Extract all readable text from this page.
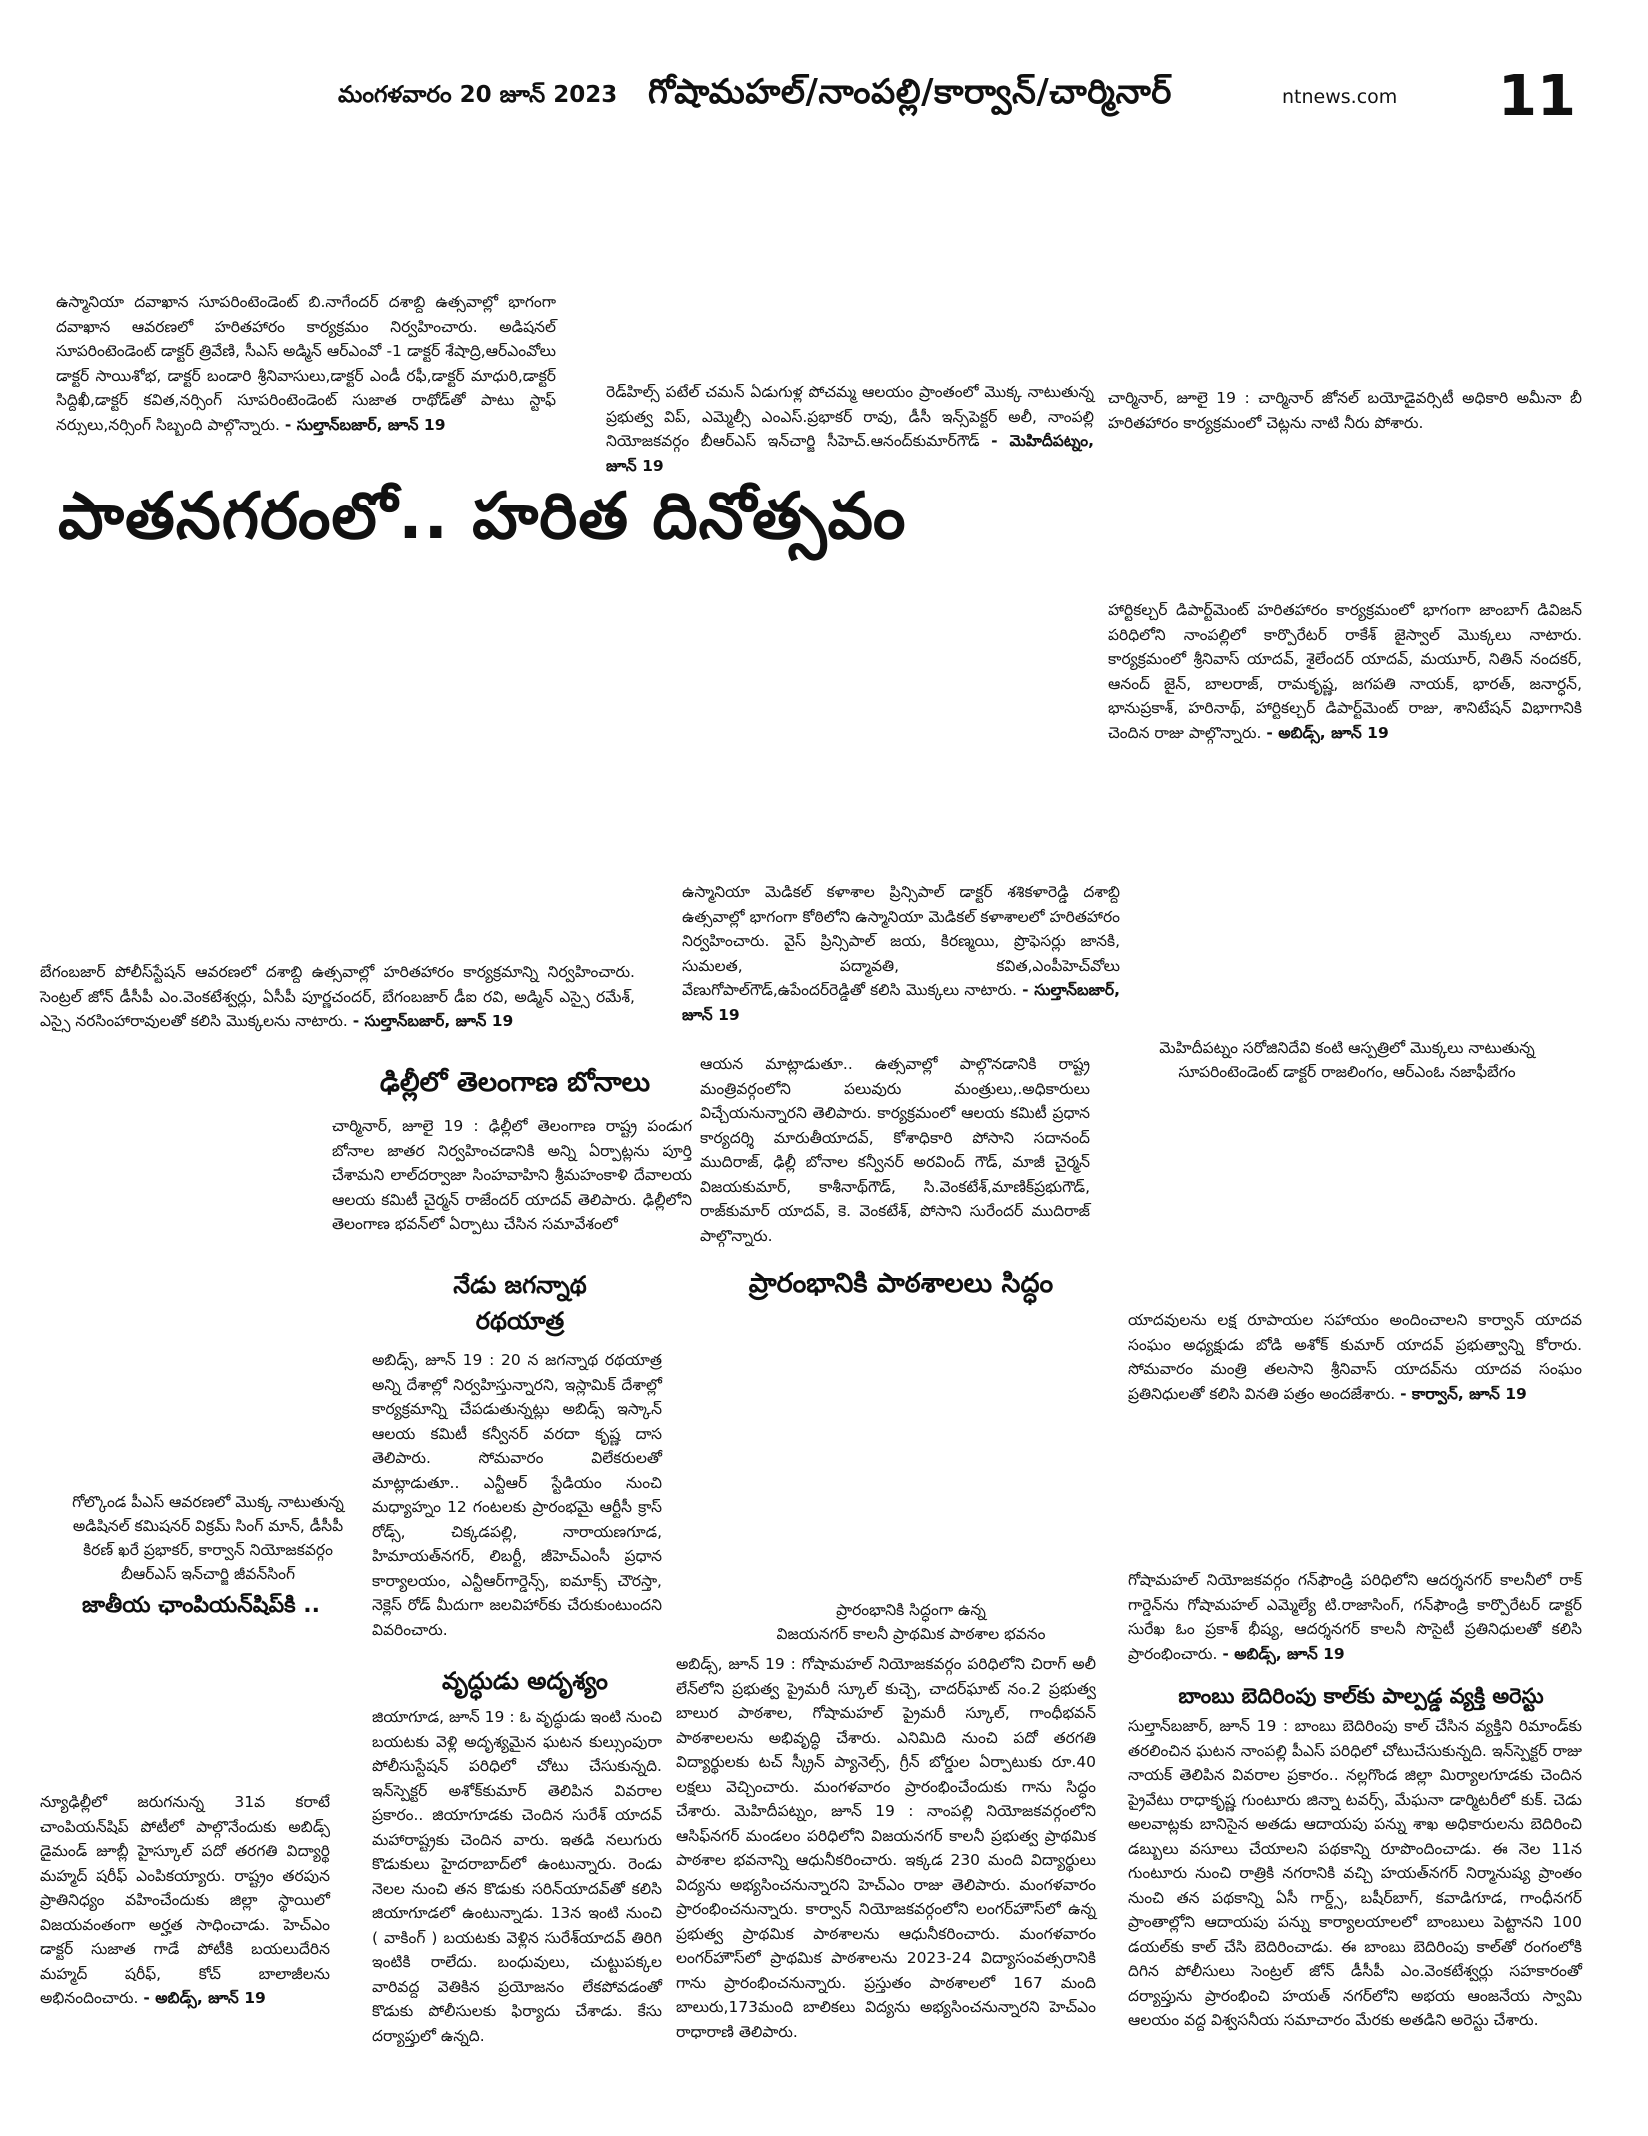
మంగళవారం 20 జూన్ 2023 గోషామహల్/నాంపల్లి/కార్వాన్/చార్మినార్	ntnews.com 11
ఉస్మానియా దవాఖాన సూపరింటెండెంట్ బి.నాగేందర్ దశాబ్ది ఉత్సవాల్లో భాగంగా దవాఖాన ఆవరణలో హరితహారం కార్యక్రమం నిర్వహించారు. అడిషనల్ సూపరింటెండెంట్ డాక్టర్ త్రివేణి, సీఎస్ అడ్మిన్ ఆర్ఎంవో -1 డాక్టర్ శేషాద్రి,ఆర్ఎంవోలు డాక్టర్ సాయిశోభ, డాక్టర్ బండారి శ్రీనివాసులు,డాక్టర్ ఎండీ రఫీ,డాక్టర్ మాధురి,డాక్టర్ సిద్దిఖీ,డాక్టర్ కవిత,నర్సింగ్ సూపరింటెండెంట్ సుజాత రాథోడ్‌తో పాటు స్టాఫ్ నర్సులు,నర్సింగ్ సిబ్బంది పాల్గొన్నారు. - సుల్తాన్‌బజార్, జూన్ 19
రెడ్‌హిల్స్ పటేల్ చమన్ ఏడుగుళ్ల పోచమ్మ ఆలయం ప్రాంతంలో మొక్క నాటుతున్న ప్రభుత్వ విప్, ఎమ్మెల్సీ ఎంఎస్.ప్రభాకర్ రావు, డీసీ ఇన్స్‌పెక్టర్ అలీ, నాంపల్లి నియోజకవర్గం బీఆర్ఎస్ ఇన్‌చార్జి సీహెచ్.ఆనంద్‌కుమార్‌గౌడ్ - మెహిదీపట్నం, జూన్ 19
చార్మినార్, జూలై 19 : చార్మినార్ జోనల్ బయోడైవర్సిటీ అధికారి అమీనా బీ హరితహారం కార్యక్రమంలో చెట్లను నాటి నీరు పోశారు.
పాతనగరంలో.. హరిత దినోత్సవం
హార్టికల్చర్ డిపార్ట్‌మెంట్ హరితహారం కార్యక్రమంలో భాగంగా జాంబాగ్ డివిజన్ పరిధిలోని నాంపల్లిలో కార్పొరేటర్ రాకేశ్ జైస్వాల్ మొక్కలు నాటారు. కార్యక్రమంలో శ్రీనివాస్ యాదవ్, శైలేందర్ యాదవ్, మయూర్, నితిన్ నందకర్, ఆనంద్ జైన్, బాలరాజ్, రామకృష్ణ, జగపతి నాయక్, భారత్, జనార్ధన్, భానుప్రకాశ్, హరినాథ్, హార్టికల్చర్ డిపార్ట్‌మెంట్ రాజు, శానిటేషన్ విభాగానికి చెందిన రాజు పాల్గొన్నారు. - అబిడ్స్, జూన్ 19
ఉస్మానియా మెడికల్ కళాశాల ప్రిన్సిపాల్ డాక్టర్ శశికళారెడ్డి దశాబ్ది ఉత్సవాల్లో భాగంగా కోఠిలోని ఉస్మానియా మెడికల్ కళాశాలలో హరితహారం నిర్వహించారు. వైస్ ప్రిన్సిపాల్ జయ, కిరణ్మయి, ప్రొఫెసర్లు జానకి, సుమలత, పద్మావతి, కవిత,ఎంపీహెచ్‌వోలు వేణుగోపాల్‌గౌడ్,ఉపేందర్‌రెడ్డితో కలిసి మొక్కలు నాటారు. - సుల్తాన్‌బజార్, జూన్ 19
బేగంబజార్ పోలీస్‌స్టేషన్ ఆవరణలో దశాబ్ది ఉత్సవాల్లో హరితహారం కార్యక్రమాన్ని నిర్వహించారు. సెంట్రల్ జోన్ డీసీపీ ఎం.వెంకటేశ్వర్లు, ఏసీపీ పూర్ణచందర్, బేగంబజార్ డీఐ రవి, అడ్మిన్ ఎస్సై రమేశ్, ఎస్సై నరసింహారావులతో కలిసి మొక్కలను నాటారు. - సుల్తాన్‌బజార్, జూన్ 19
మెహిదీపట్నం సరోజినిదేవి కంటి ఆస్పత్రిలో మొక్కలు నాటుతున్న సూపరింటెండెంట్ డాక్టర్ రాజలింగం, ఆర్ఎంఓ నజాఫీబేగం
ఢిల్లీలో తెలంగాణ బోనాలు
చార్మినార్, జూలై 19 : ఢిల్లీలో తెలంగాణ రాష్ట్ర పండుగ బోనాల జాతర నిర్వహించడానికి అన్ని ఏర్పాట్లను పూర్తి చేశామని లాల్‌దర్వాజా సింహవాహిని శ్రీమహంకాళి దేవాలయ ఆలయ కమిటీ చైర్మన్ రాజేందర్ యాదవ్ తెలిపారు. ఢిల్లీలోని తెలంగాణ భవన్‌లో ఏర్పాటు చేసిన సమావేశంలో
ఆయన మాట్లాడుతూ.. ఉత్సవాల్లో పాల్గొనడానికి రాష్ట్ర మంత్రివర్గంలోని పలువురు మంత్రులు,.అధికారులు విచ్చేయనున్నారని తెలిపారు. కార్యక్రమంలో ఆలయ కమిటీ ప్రధాన కార్యదర్శి మారుతీయాదవ్, కోశాధికారి పోసాని సదానంద్ ముదిరాజ్, ఢిల్లీ బోనాల కన్వీనర్ అరవింద్ గౌడ్, మాజీ చైర్మన్ విజయకుమార్, కాశీనాథ్‌గౌడ్, సి.వెంకటేశ్,మాణిక్‌ప్రభుగౌడ్, రాజ్‌కుమార్ యాదవ్, కె. వెంకటేశ్, పోసాని సురేందర్ ముదిరాజ్ పాల్గొన్నారు.
నేడు జగన్నాథ
రథయాత్ర
అబిడ్స్, జూన్ 19 : 20 న జగన్నాథ రథయాత్ర అన్ని దేశాల్లో నిర్వహిస్తున్నారని, ఇస్లామిక్ దేశాల్లో కార్యక్రమాన్ని చేపడుతున్నట్లు అబిడ్స్ ఇస్కాన్ ఆలయ కమిటీ కన్వీనర్ వరదా కృష్ణ దాస తెలిపారు. సోమవారం విలేకరులతో మాట్లాడుతూ.. ఎన్టీఆర్ స్టేడియం నుంచి మధ్యాహ్నం 12 గంటలకు ప్రారంభమై ఆర్టీసీ క్రాస్ రోడ్స్, చిక్కడపల్లి, నారాయణగూడ, హిమాయత్‌నగర్, లిబర్టీ, జీహెచ్‌ఎంసీ ప్రధాన కార్యాలయం, ఎన్టీఆర్‌గార్డెన్స్, ఐమాక్స్ చౌరస్తా, నెక్లెస్ రోడ్ మీదుగా జలవిహార్‌కు చేరుకుంటుందని వివరించారు.
ప్రారంభానికి పాఠశాలలు సిద్ధం
గోల్కొండ పీఎస్ ఆవరణలో మొక్క నాటుతున్న అడిషినల్ కమిషనర్ విక్రమ్ సింగ్ మాన్, డీసీపీ కిరణ్ ఖరే ప్రభాకర్, కార్వాన్ నియోజకవర్గం బీఆర్ఎస్ ఇన్‌చార్జి జీవన్‌సింగ్
జాతీయ ఛాంపియన్‌షిప్‌కి ..
న్యూఢిల్లీలో జరుగనున్న 31వ కరాటే చాంపియన్‌షిప్ పోటీలో పాల్గొనేందుకు అబిడ్స్ డైమండ్ జూబ్లీ హైస్కూల్ పదో తరగతి విద్యార్థి మహ్మద్ షరీఫ్ ఎంపికయ్యారు. రాష్ట్రం తరపున ప్రాతినిధ్యం వహించేందుకు జిల్లా స్థాయిలో విజయవంతంగా అర్హత సాధించాడు. హెచ్ఎం డాక్టర్ సుజాత గాడే పోటీకి బయలుదేరిన మహ్మద్ షరీఫ్, కోచ్ బాలాజీలను అభినందించారు. - అబిడ్స్, జూన్ 19
ప్రారంభానికి సిద్ధంగా ఉన్న
విజయనగర్ కాలనీ ప్రాథమిక పాఠశాల భవనం
అబిడ్స్, జూన్ 19 : గోషామహల్ నియోజకవర్గం పరిధిలోని చిరాగ్ అలీ లేన్‌లోని ప్రభుత్వ ప్రైమరీ స్కూల్ కుచ్చె, చాదర్‌ఘాట్ నం.2 ప్రభుత్వ బాలుర పాఠశాల, గోషామహల్ ప్రైమరీ స్కూల్, గాంధీభవన్ పాఠశాలలను అభివృద్ధి చేశారు. ఎనిమిది నుంచి పదో తరగతి విద్యార్థులకు టచ్ స్క్రీన్ ప్యానెల్స్, గ్రీన్ బోర్డుల ఏర్పాటుకు రూ.40 లక్షలు వెచ్చించారు. మంగళవారం ప్రారంభించేందుకు గాను సిద్ధం చేశారు. మెహిదీపట్నం, జూన్ 19 : నాంపల్లి నియోజకవర్గంలోని ఆసిఫ్‌నగర్ మండలం పరిధిలోని విజయనగర్ కాలనీ ప్రభుత్వ ప్రాథమిక పాఠశాల భవనాన్ని ఆధునీకరించారు. ఇక్కడ 230 మంది విద్యార్థులు విద్యను అభ్యసించనున్నారని హెచ్ఎం రాజు తెలిపారు. మంగళవారం ప్రారంభించనున్నారు. కార్వాన్ నియోజకవర్గంలోని లంగర్‌హౌస్‌లో ఉన్న ప్రభుత్వ ప్రాథమిక పాఠశాలను ఆధునీకరించారు. మంగళవారం లంగర్‌హౌస్‌లో ప్రాథమిక పాఠశాలను 2023-24 విద్యాసంవత్సరానికి గాను ప్రారంభించనున్నారు. ప్రస్తుతం పాఠశాలలో 167 మంది బాలురు,173మంది బాలికలు విద్యను అభ్యసించనున్నారని హెచ్ఎం రాధారాణి తెలిపారు.
వృద్ధుడు అదృశ్యం
జియాగూడ, జూన్ 19 : ఓ వృద్ధుడు ఇంటి నుంచి బయటకు వెళ్లి అదృశ్యమైన ఘటన కుల్సుంపురా పోలీసుస్టేషన్ పరిధిలో చోటు చేసుకున్నది. ఇన్‌స్పెక్టర్ అశోక్‌కుమార్ తెలిపిన వివరాల ప్రకారం.. జియాగూడకు చెందిన సురేశ్ యాదవ్ మహారాష్ట్రకు చెందిన వారు. ఇతడి నలుగురు కొడుకులు హైదరాబాద్‌లో ఉంటున్నారు. రెండు నెలల నుంచి తన కొడుకు సరిన్‌యాదవ్‌తో కలిసి జియాగూడలో ఉంటున్నాడు. 13న ఇంటి నుంచి ( వాకింగ్ ) బయటకు వెళ్లిన సురేశ్‌యాదవ్ తిరిగి ఇంటికి రాలేదు. బంధువులు, చుట్టుపక్కల వారివద్ద వెతికిన ప్రయోజనం లేకపోవడంతో కొడుకు పోలీసులకు ఫిర్యాదు చేశాడు. కేసు దర్యాప్తులో ఉన్నది.
యాదవులను లక్ష రూపాయల సహాయం అందించాలని కార్వాన్ యాదవ సంఘం అధ్యక్షుడు బోడి అశోక్ కుమార్ యాదవ్ ప్రభుత్వాన్ని కోరారు. సోమవారం మంత్రి తలసాని శ్రీనివాస్ యాదవ్‌ను యాదవ సంఘం ప్రతినిధులతో కలిసి వినతి పత్రం అందజేశారు. - కార్వాన్, జూన్ 19
గోషామహల్ నియోజకవర్గం గన్‌ఫౌండ్రి పరిధిలోని ఆదర్శనగర్ కాలనీలో రాక్ గార్డెన్‌ను గోషామహల్ ఎమ్మెల్యే టి.రాజాసింగ్, గన్‌ఫౌండ్రి కార్పొరేటర్ డాక్టర్ సురేఖ ఓం ప్రకాశ్ భీష్య, ఆదర్శనగర్ కాలనీ సొసైటీ ప్రతినిధులతో కలిసి ప్రారంభించారు. - అబిడ్స్, జూన్ 19
బాంబు బెదిరింపు కాల్‌కు పాల్పడ్డ వ్యక్తి అరెస్టు
సుల్తాన్‌బజార్, జూన్ 19 : బాంబు బెదిరింపు కాల్ చేసిన వ్యక్తిని రిమాండ్‌కు తరలించిన ఘటన నాంపల్లి పీఎస్ పరిధిలో చోటుచేసుకున్నది. ఇన్‌స్పెక్టర్ రాజు నాయక్ తెలిపిన వివరాల ప్రకారం.. నల్లగొండ జిల్లా మిర్యాలగూడకు చెందిన ప్రైవేటు రాధాకృష్ణ గుంటూరు జిన్నా టవర్స్, మేఘనా డార్మిటరీలో కుక్. చెడు అలవాట్లకు బానిసైన అతడు ఆదాయపు పన్ను శాఖ అధికారులను బెదిరించి డబ్బులు వసూలు చేయాలని పథకాన్ని రూపొందించాడు. ఈ నెల 11న గుంటూరు నుంచి రాత్రికి నగరానికి వచ్చి హయత్‌నగర్ నిర్మానుష్య ప్రాంతం నుంచి తన పథకాన్ని ఏసీ గార్డ్స్, బషీర్‌బాగ్, కవాడిగూడ, గాంధీనగర్ ప్రాంతాల్లోని ఆదాయపు పన్ను కార్యాలయాలలో బాంబులు పెట్టానని 100 డయల్‌కు కాల్ చేసి బెదిరించాడు. ఈ బాంబు బెదిరింపు కాల్‌తో రంగంలోకి దిగిన పోలీసులు సెంట్రల్ జోన్ డీసీపీ ఎం.వెంకటేశ్వర్లు సహకారంతో దర్యాప్తును ప్రారంభించి హయత్ నగర్‌లోని అభయ ఆంజనేయ స్వామి ఆలయం వద్ద విశ్వసనీయ సమాచారం మేరకు అతడిని అరెస్టు చేశారు.
